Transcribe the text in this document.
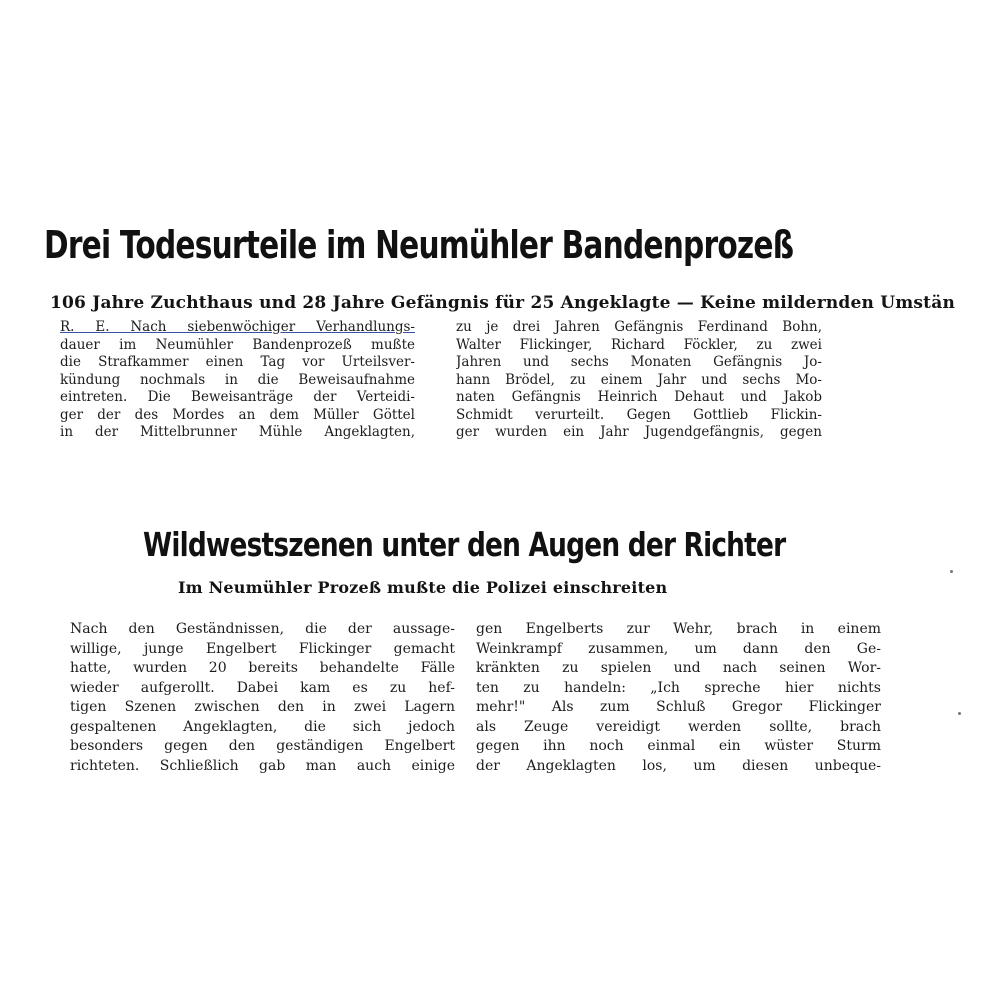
Drei Todesurteile im Neumühler Bandenprozeß
106 Jahre Zuchthaus und 28 Jahre Gefängnis für 25 Angeklagte — Keine mildernden Umstän
R. E. Nach siebenwöchiger Verhandlungs-
dauer im Neumühler Bandenprozeß mußte
die Strafkammer einen Tag vor Urteilsver-
kündung nochmals in die Beweisaufnahme
eintreten. Die Beweisanträge der Verteidi-
ger der des Mordes an dem Müller Göttel
in der Mittelbrunner Mühle Angeklagten,
zu je drei Jahren Gefängnis Ferdinand Bohn,
Walter Flickinger, Richard Föckler, zu zwei
Jahren und sechs Monaten Gefängnis Jo-
hann Brödel, zu einem Jahr und sechs Mo-
naten Gefängnis Heinrich Dehaut und Jakob
Schmidt verurteilt. Gegen Gottlieb Flickin-
ger wurden ein Jahr Jugendgefängnis, gegen
Wildwestszenen unter den Augen der Richter
Im Neumühler Prozeß mußte die Polizei einschreiten
Nach den Geständnissen, die der aussage-
willige, junge Engelbert Flickinger gemacht
hatte, wurden 20 bereits behandelte Fälle
wieder aufgerollt. Dabei kam es zu hef-
tigen Szenen zwischen den in zwei Lagern
gespaltenen Angeklagten, die sich jedoch
besonders gegen den geständigen Engelbert
richteten. Schließlich gab man auch einige
gen Engelberts zur Wehr, brach in einem
Weinkrampf zusammen, um dann den Ge-
kränkten zu spielen und nach seinen Wor-
ten zu handeln: „Ich spreche hier nichts
mehr!" Als zum Schluß Gregor Flickinger
als Zeuge vereidigt werden sollte, brach
gegen ihn noch einmal ein wüster Sturm
der Angeklagten los, um diesen unbeque-
